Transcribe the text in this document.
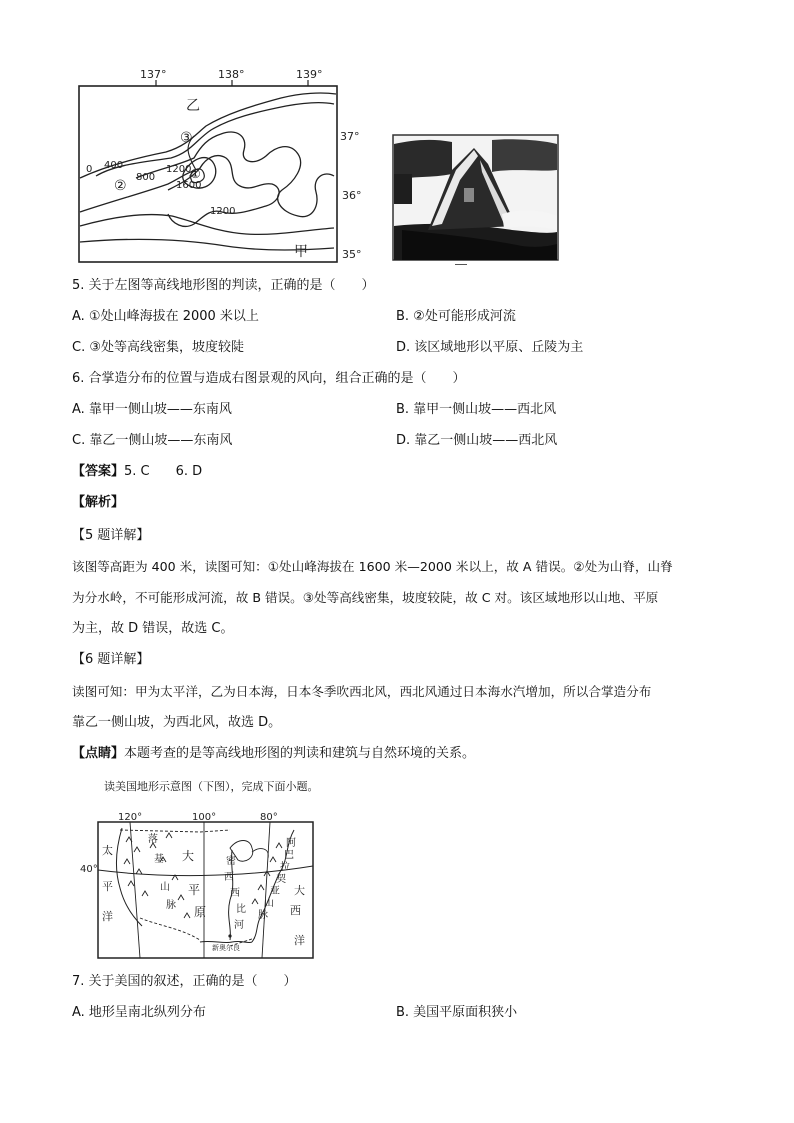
137°	138°	139°
37°
36°
35°
乙
甲
0 400
800
1200
1600
1200
③
②
①
5. 关于左图等高线地形图的判读，正确的是（　　）
A. ①处山峰海拔在 2000 米以上	B. ②处可能形成河流
C. ③处等高线密集，坡度较陡	D. 该区域地形以平原、丘陵为主
6. 合掌造分布的位置与造成右图景观的风向，组合正确的是（　　）
A. 靠甲一侧山坡——东南风	B. 靠甲一侧山坡——西北风
C. 靠乙一侧山坡——东南风	D. 靠乙一侧山坡——西北风
【答案】5. C　　6. D
【解析】
【5 题详解】
该图等高距为 400 米，读图可知：①处山峰海拔在 1600 米—2000 米以上，故 A 错误。②处为山脊，山脊
为分水岭，不可能形成河流，故 B 错误。③处等高线密集，坡度较陡，故 C 对。该区域地形以山地、平原
为主，故 D 错误，故选 C。
【6 题详解】
读图可知：甲为太平洋，乙为日本海，日本冬季吹西北风，西北风通过日本海水汽增加，所以合掌造分布
靠乙一侧山坡，为西北风，故选 D。
【点睛】本题考查的是等高线地形图的判读和建筑与自然环境的关系。
读美国地形示意图（下图），完成下面小题。
120°	100°	80°
40°
太
平
洋
大
西
洋
落
基
山
脉
大
平
原
阿
巴
拉
契
亚
山
脉
密
西
西
比
河
新奥尔良
7. 关于美国的叙述，正确的是（　　）
A. 地形呈南北纵列分布	B. 美国平原面积狭小
